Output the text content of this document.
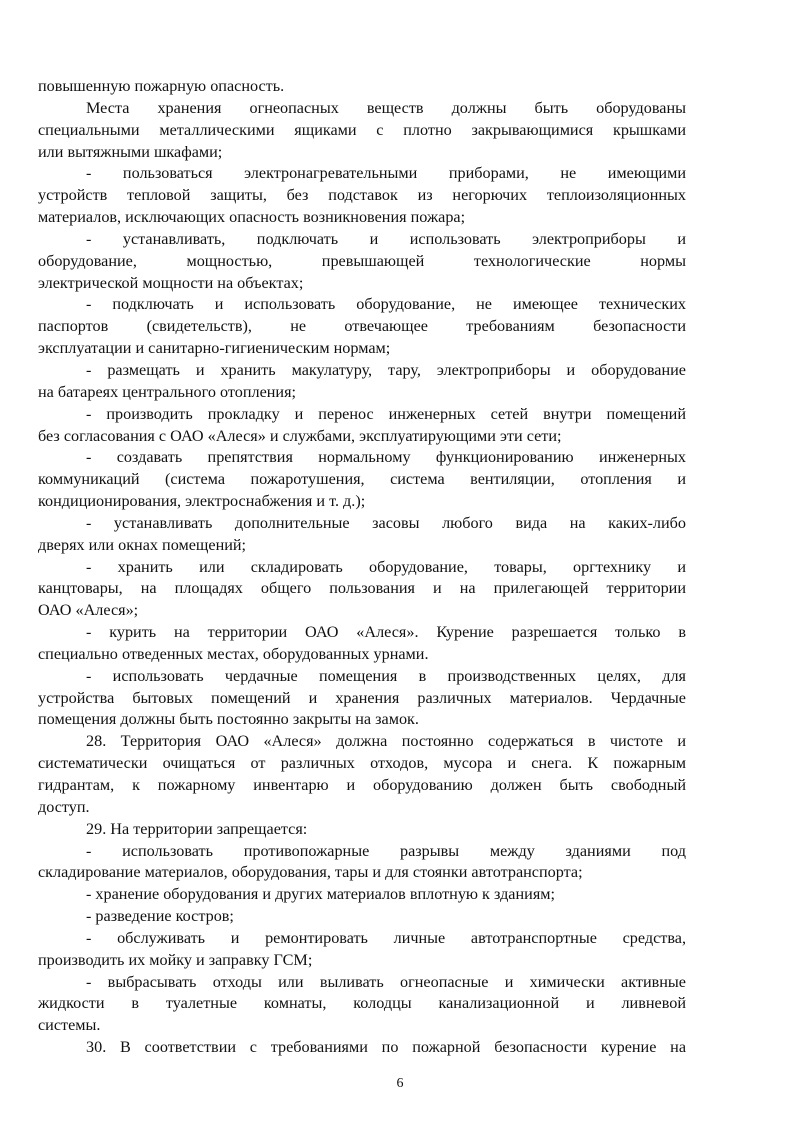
повышенную пожарную опасность.
Места хранения огнеопасных веществ должны быть оборудованы
специальными металлическими ящиками с плотно закрывающимися крышками
или вытяжными шкафами;
- пользоваться электронагревательными приборами, не имеющими
устройств тепловой защиты, без подставок из негорючих теплоизоляционных
материалов, исключающих опасность возникновения пожара;
- устанавливать, подключать и использовать электроприборы и
оборудование, мощностью, превышающей технологические нормы
электрической мощности на объектах;
- подключать и использовать оборудование, не имеющее технических
паспортов (свидетельств), не отвечающее требованиям безопасности
эксплуатации и санитарно-гигиеническим нормам;
- размещать и хранить макулатуру, тару, электроприборы и оборудование
на батареях центрального отопления;
- производить прокладку и перенос инженерных сетей внутри помещений
без согласования с ОАО «Алеся» и службами, эксплуатирующими эти сети;
- создавать препятствия нормальному функционированию инженерных
коммуникаций (система пожаротушения, система вентиляции, отопления и
кондиционирования, электроснабжения и т. д.);
- устанавливать дополнительные засовы любого вида на каких-либо
дверях или окнах помещений;
- хранить или складировать оборудование, товары, оргтехнику и
канцтовары, на площадях общего пользования и на прилегающей территории
ОАО «Алеся»;
- курить на территории ОАО «Алеся». Курение разрешается только в
специально отведенных местах, оборудованных урнами.
- использовать чердачные помещения в производственных целях, для
устройства бытовых помещений и хранения различных материалов. Чердачные
помещения должны быть постоянно закрыты на замок.
28. Территория ОАО «Алеся» должна постоянно содержаться в чистоте и
систематически очищаться от различных отходов, мусора и снега. К пожарным
гидрантам, к пожарному инвентарю и оборудованию должен быть свободный
доступ.
29. На территории запрещается:
- использовать противопожарные разрывы между зданиями под
складирование материалов, оборудования, тары и для стоянки автотранспорта;
- хранение оборудования и других материалов вплотную к зданиям;
- разведение костров;
- обслуживать и ремонтировать личные автотранспортные средства,
производить их мойку и заправку ГСМ;
- выбрасывать отходы или выливать огнеопасные и химически активные
жидкости в туалетные комнаты, колодцы канализационной и ливневой
системы.
30. В соответствии с требованиями по пожарной безопасности курение на
6
